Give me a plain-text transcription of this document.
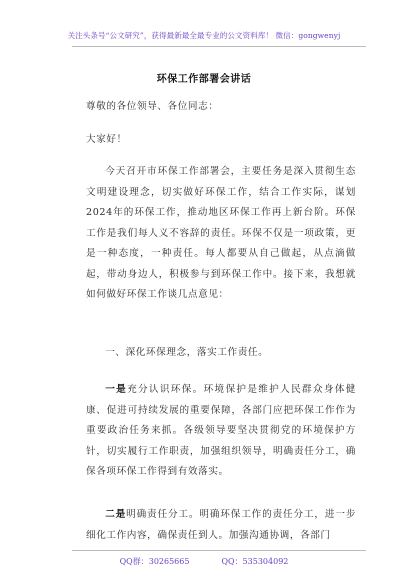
关注头条号“公文研究”，获得最新最全最专业的公文资料库！ 微信：gongwenyj
环保工作部署会讲话
尊敬的各位领导、各位同志：
大家好！
今天召开市环保工作部署会，主要任务是深入贯彻生态文明建设理念，切实做好环保工作，结合工作实际，谋划2024年的环保工作，推动地区环保工作再上新台阶。环保工作是我们每人义不容辞的责任。环保不仅是一项政策，更是一种态度，一种责任。每人都要从自己做起，从点滴做起，带动身边人，积极参与到环保工作中。接下来，我想就如何做好环保工作谈几点意见：
一、深化环保理念，落实工作责任。
一是充分认识环保。环境保护是维护人民群众身体健康、促进可持续发展的重要保障，各部门应把环保工作作为重要政治任务来抓。各级领导要坚决贯彻党的环境保护方针，切实履行工作职责，加强组织领导，明确责任分工，确保各项环保工作得到有效落实。
二是明确责任分工。明确环保工作的责任分工，进一步细化工作内容，确保责任到人。加强沟通协调，各部门
QQ群：30265665	QQ：535304092
